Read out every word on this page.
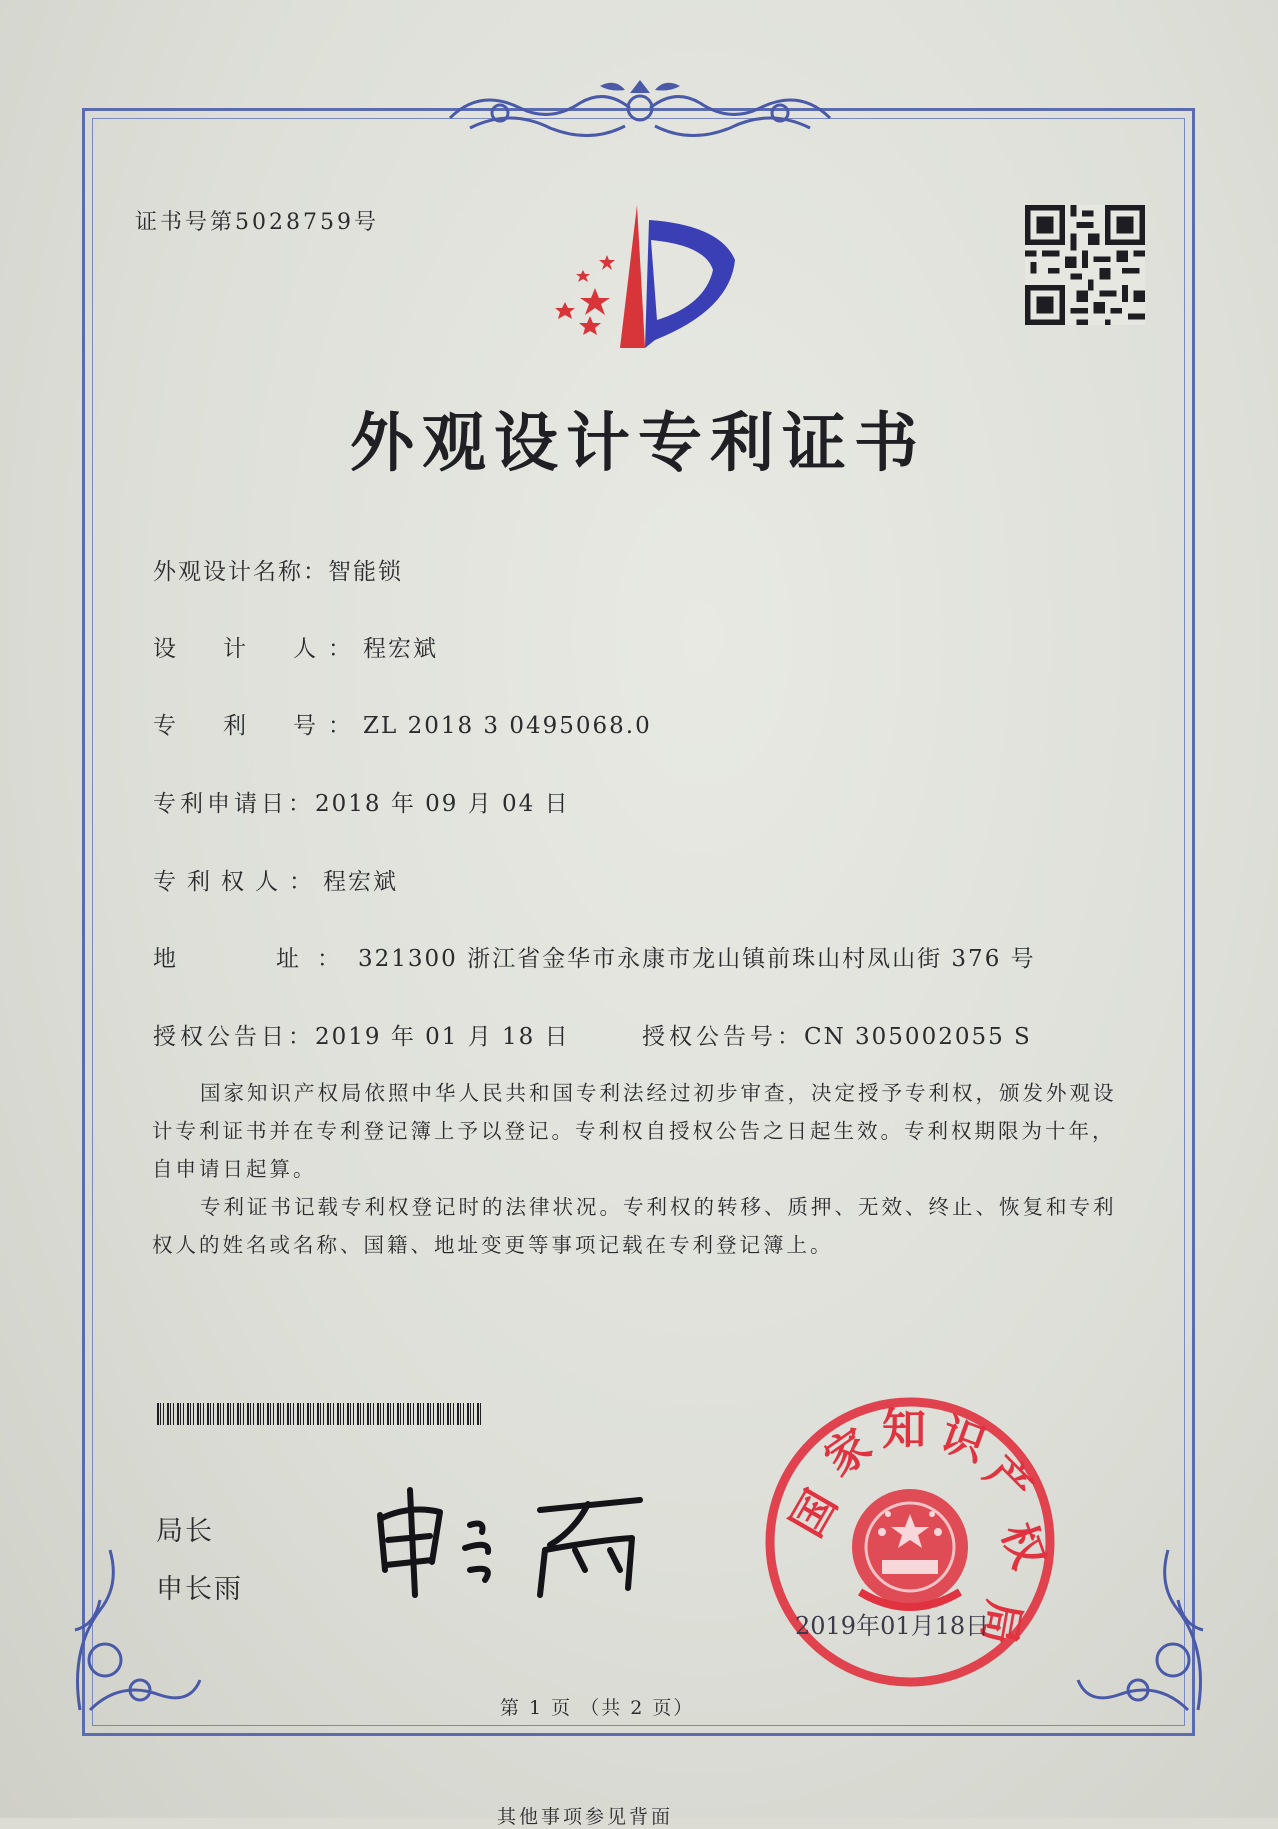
证书号第5028759号
外观设计专利证书
外观设计名称：智能锁
设　计　人：程宏斌
专　利　号：ZL 2018 3 0495068.0
专利申请日：2018 年 09 月 04 日
专利权人：程宏斌
地　　址：321300 浙江省金华市永康市龙山镇前珠山村凤山街 376 号
授权公告日：2019 年 01 月 18 日	授权公告号：CN 305002055 S
国家知识产权局依照中华人民共和国专利法经过初步审查，决定授予专利权，颁发外观设计专利证书并在专利登记簿上予以登记。专利权自授权公告之日起生效。专利权期限为十年，自申请日起算。
专利证书记载专利权登记时的法律状况。专利权的转移、质押、无效、终止、恢复和专利权人的姓名或名称、国籍、地址变更等事项记载在专利登记簿上。
局长
申长雨
国
家 知 识
产
权
局
2019年01月18日
第 1 页 （共 2 页）
其他事项参见背面
